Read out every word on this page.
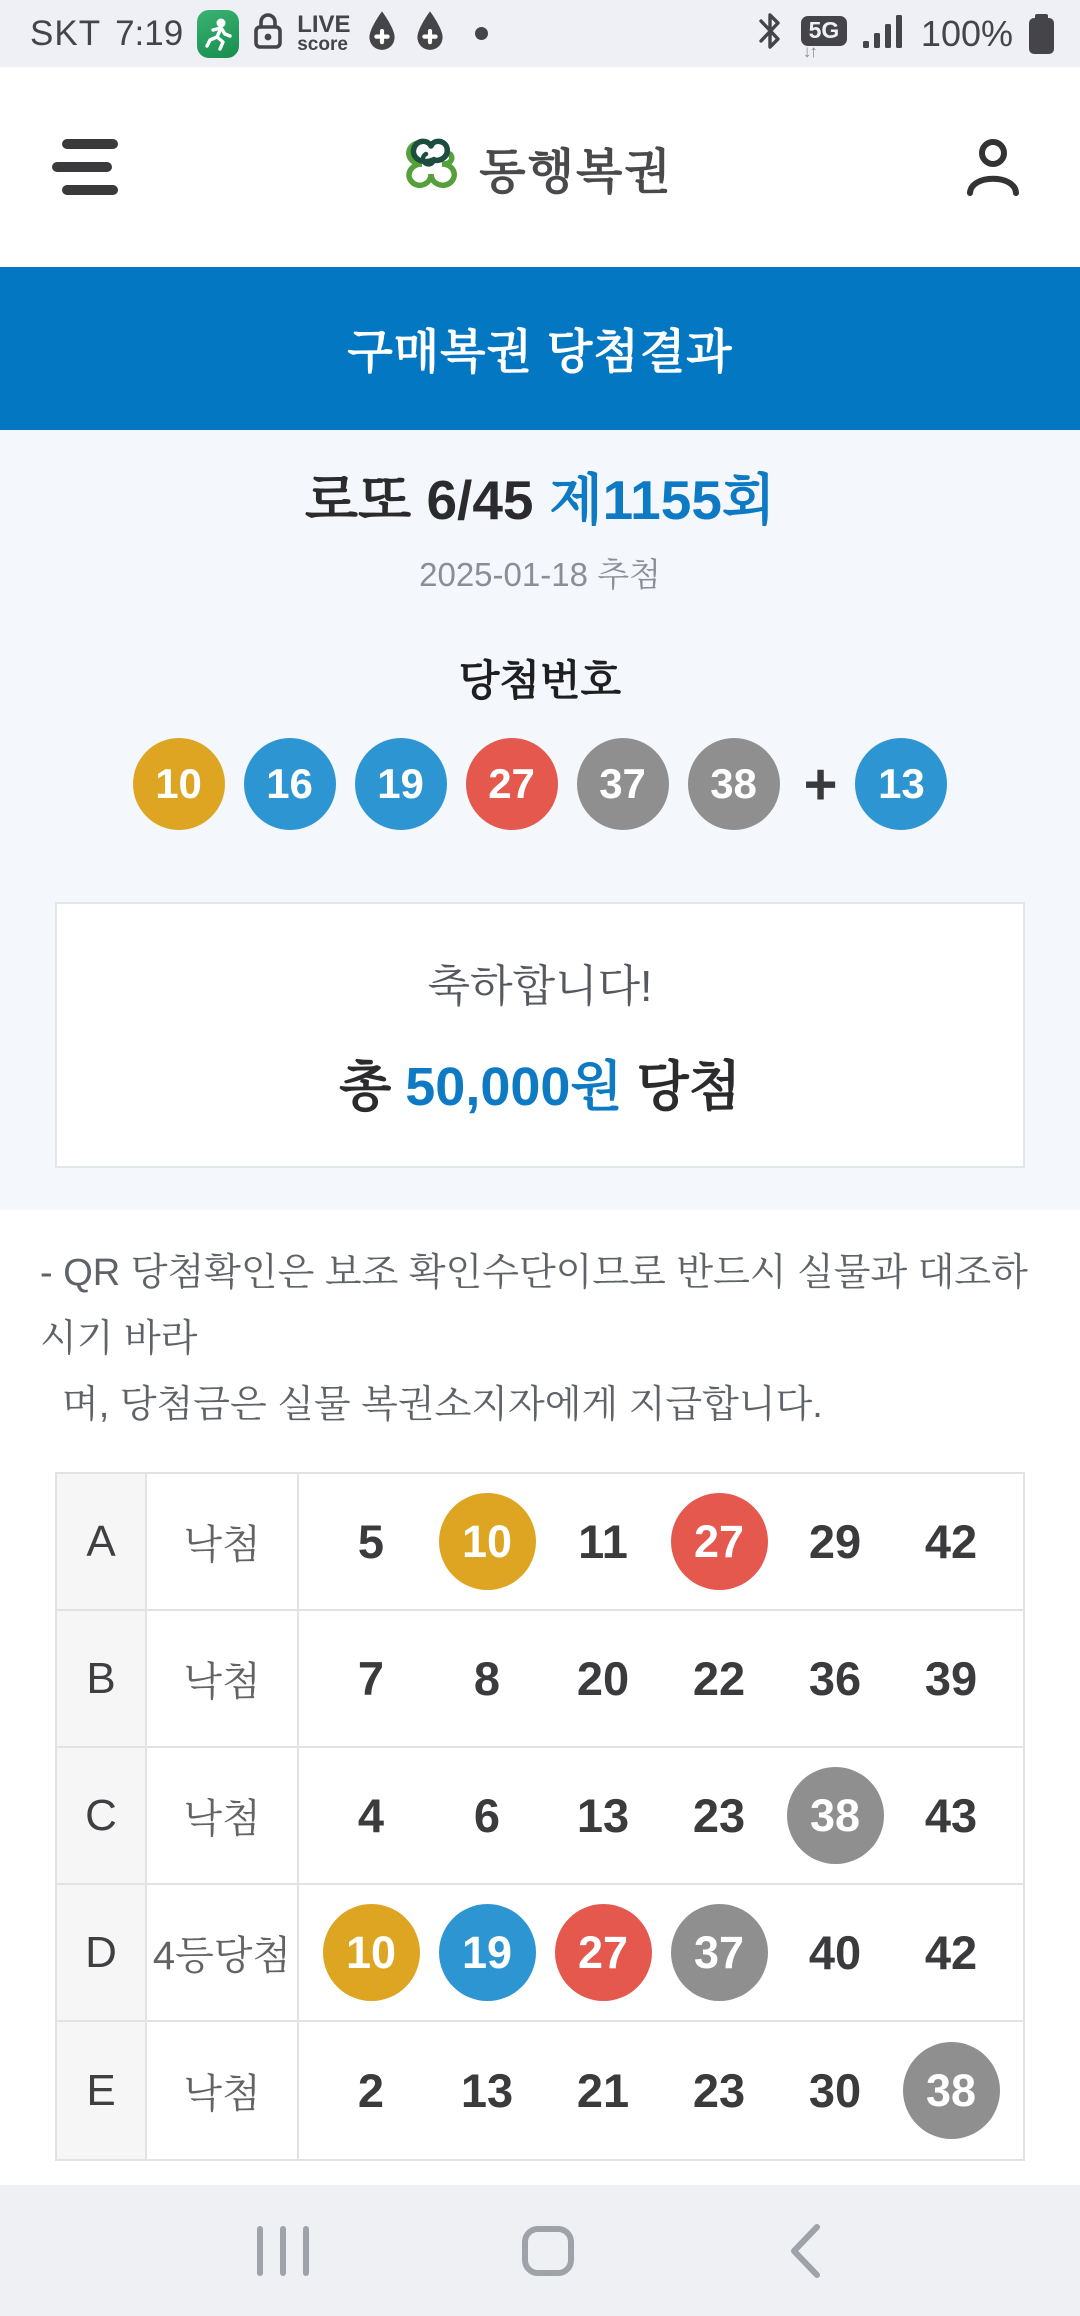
SKT 7:19	LIVE
score
5G
↓↑	100%
동행복권
구매복권 당첨결과
로또 6/45 제1155회
2025-01-18 추첨
당첨번호
10	16	19	27	37	38 + 13

축하합니다!

총 50,000원 당첨

- QR 당첨확인은 보조 확인수단이므로 반드시 실물과 대조하시기 바라
며, 당첨금은 실물 복권소지자에게 지급합니다.

A	낙첨	5	10	11	27	29 42
B	낙첨	7 8 20 22 36 39
C	낙첨	4 6 13 23	38	43
D 4등당첨	10	19	27	37	40 42
E	낙첨	2 13 21 23 30	38
